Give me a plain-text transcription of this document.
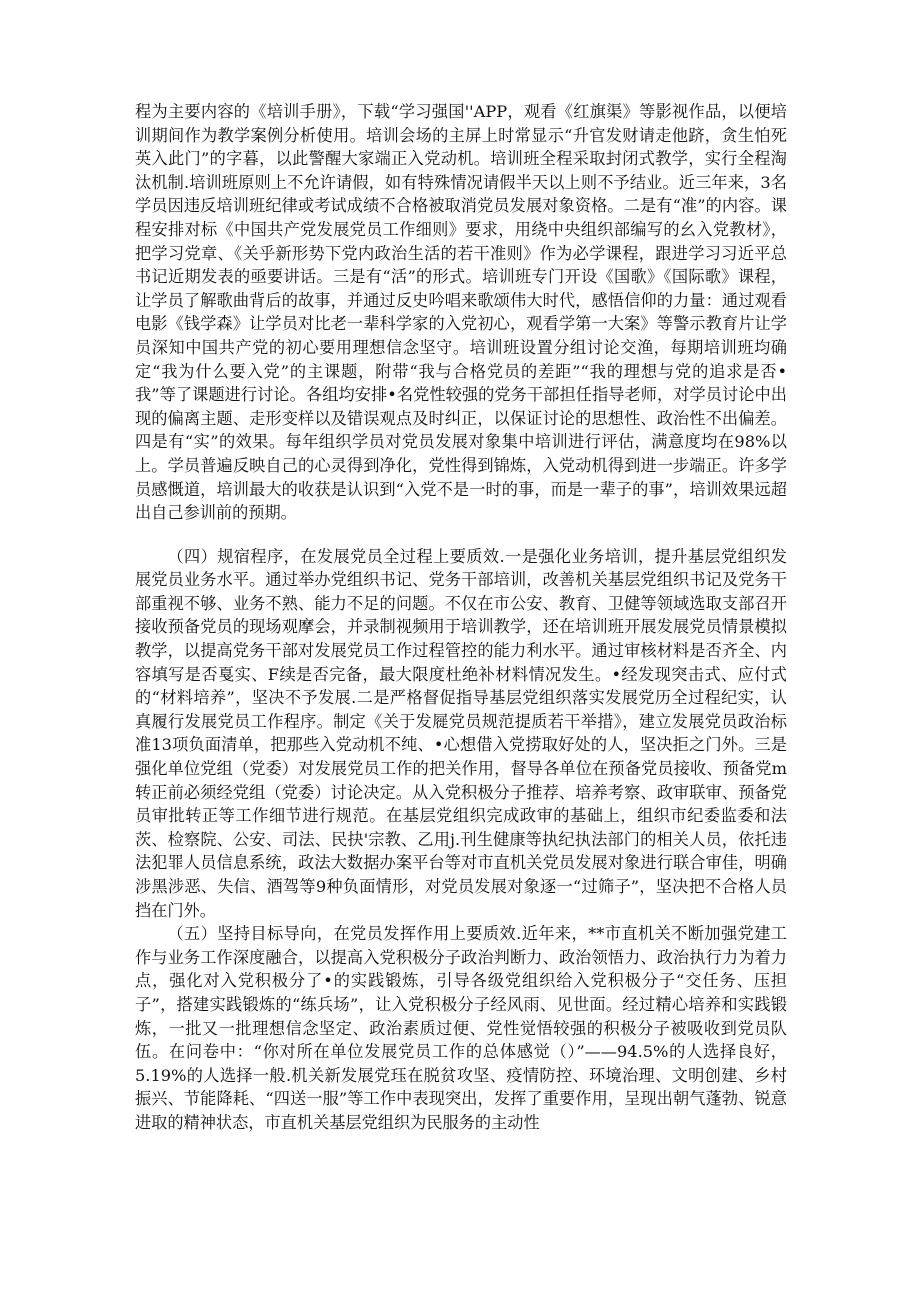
程为主要内容的《培训手册》，下载“学习强国''APP，观看《红旗渠》等影视作品，以便培训期间作为教学案例分析使用。培训会场的主屏上时常显示“升官发财请走他跻，贪生怕死英入此门”的字暮，以此警醒大家端正入党动机。培训班全程采取封闭式教学，实行全程淘汰机制.培训班原则上不允许请假，如有特殊情况请假半天以上则不予结业。近三年来，3名学员因违反培训班纪律或考试成绩不合格被取消党员发展对象资格。二是有“准”的内容。课程安排对标《中国共产党发展党员工作细则》要求，用绕中央组织部编写的幺入党教材》，把学习党章、《关乎新形势下党内政治生活的若干准则》作为必学课程，跟进学习习近平总书记近期发表的亟要讲话。三是有“活”的形式。培训班专门开设《国歌》《国际歌》课程，让学员了解歌曲背后的故事，并通过反史吟唱来歌颂伟大时代，感悟信仰的力量：通过观看电影《钱学森》让学员对比老一辈科学家的入党初心，观看学第一大案》等警示教育片让学员深知中国共产党的初心要用理想信念坚守。培训班设置分组讨论交渔，每期培训班均确定“我为什么要入党”的主课题，附带“我与合格党员的差距”“我的理想与党的追求是否•我”等了课题进行讨论。各组均安排•名党性较强的党务干部担任指导老师，对学员讨论中出现的偏离主题、走形变样以及错误观点及时纠正，以保证讨论的思想性、政治性不出偏差。四是有“实”的效果。每年组织学员对党员发展对象集中培训进行评估，满意度均在98%以上。学员普遍反映自己的心灵得到净化，党性得到锦炼，入党动机得到进一步端正。许多学员感慨道，培训最大的收获是认识到“入党不是一时的事，而是一辈子的事”，培训效果远超出自己参训前的预期。

（四）规宿程序，在发展党员全过程上要质效.一是强化业务培训，提升基层党组织发展党员业务水平。通过举办党组织书记、党务干部培训，改善机关基层党组织书记及党务干部重视不够、业务不熟、能力不足的问题。不仅在市公安、教育、卫健等领域选取支部召开接收预备党员的现场观摩会，并录制视频用于培训教学，还在培训班开展发展党员情景模拟教学，以提高党务干部对发展党员工作过程管控的能力利水平。通过审核材料是否齐全、内容填写是否戛实、F续是否完备，最大限度杜绝补材料情况发生。•经发现突击式、应付式的“材料培养”，坚决不予发展.二是严格督促指导基层党组织落实发展党历全过程纪实，认真履行发展党员工作程序。制定《关于发屣党员规范提质若干举措》，建立发展党员政治标准13项负面清单，把那些入党动机不纯、•心想借入党捞取好处的人，坚决拒之门外。三是强化单位党组（党委）对发展党员工作的把关作用，督导各单位在预备党员接收、预备党m转正前必须经党组（党委）讨论决定。从入党积极分子推荐、培养考察、政审联审、预备党员审批转正等工作细节进行规范。在基层党组织完成政审的基础上，组织市纪委监委和法茨、检察院、公安、司法、民抉'宗教、乙用j.刊生健康等执纪执法部门的相关人员，依托违法犯罪人员信息系统，政法大数据办案平台等对市直机关党员发展对象进行联合审佳，明确涉黑涉恶、失信、酒驾等9种负面情形，对党员发展对象逐一“过筛子”，坚决把不合格人员挡在门外。

（五）坚持目标导向，在党员发挥作用上要质效.近年来，**市直机关不断加强党建工作与业务工作深度融合，以提高入党积极分子政治判断力、政治领悟力、政治执行力为着力点，强化对入党积极分了•的实践锻炼，引导各级党组织给入党积极分子“交任务、压担子”，搭建实践锻炼的“练兵场”，让入党积极分子经风雨、见世面。经过精心培养和实践锻炼，一批又一批理想信念坚定、政治素质过便、党性觉悟较强的积极分子被吸收到党员队伍。在问卷中：“你对所在单位发展党员工作的总体感觉（）”——94.5%的人选择良好，5.19%的人选择一般.机关新发展党珏在脱贫攻坚、疫情防控、环境治理、文明创建、乡村振兴、节能降耗、“四送一服”等工作中表现突出，发挥了重要作用，呈现出朝气蓬勃、锐意进取的精神状态，市直机关基层党组织为民服务的主动性
